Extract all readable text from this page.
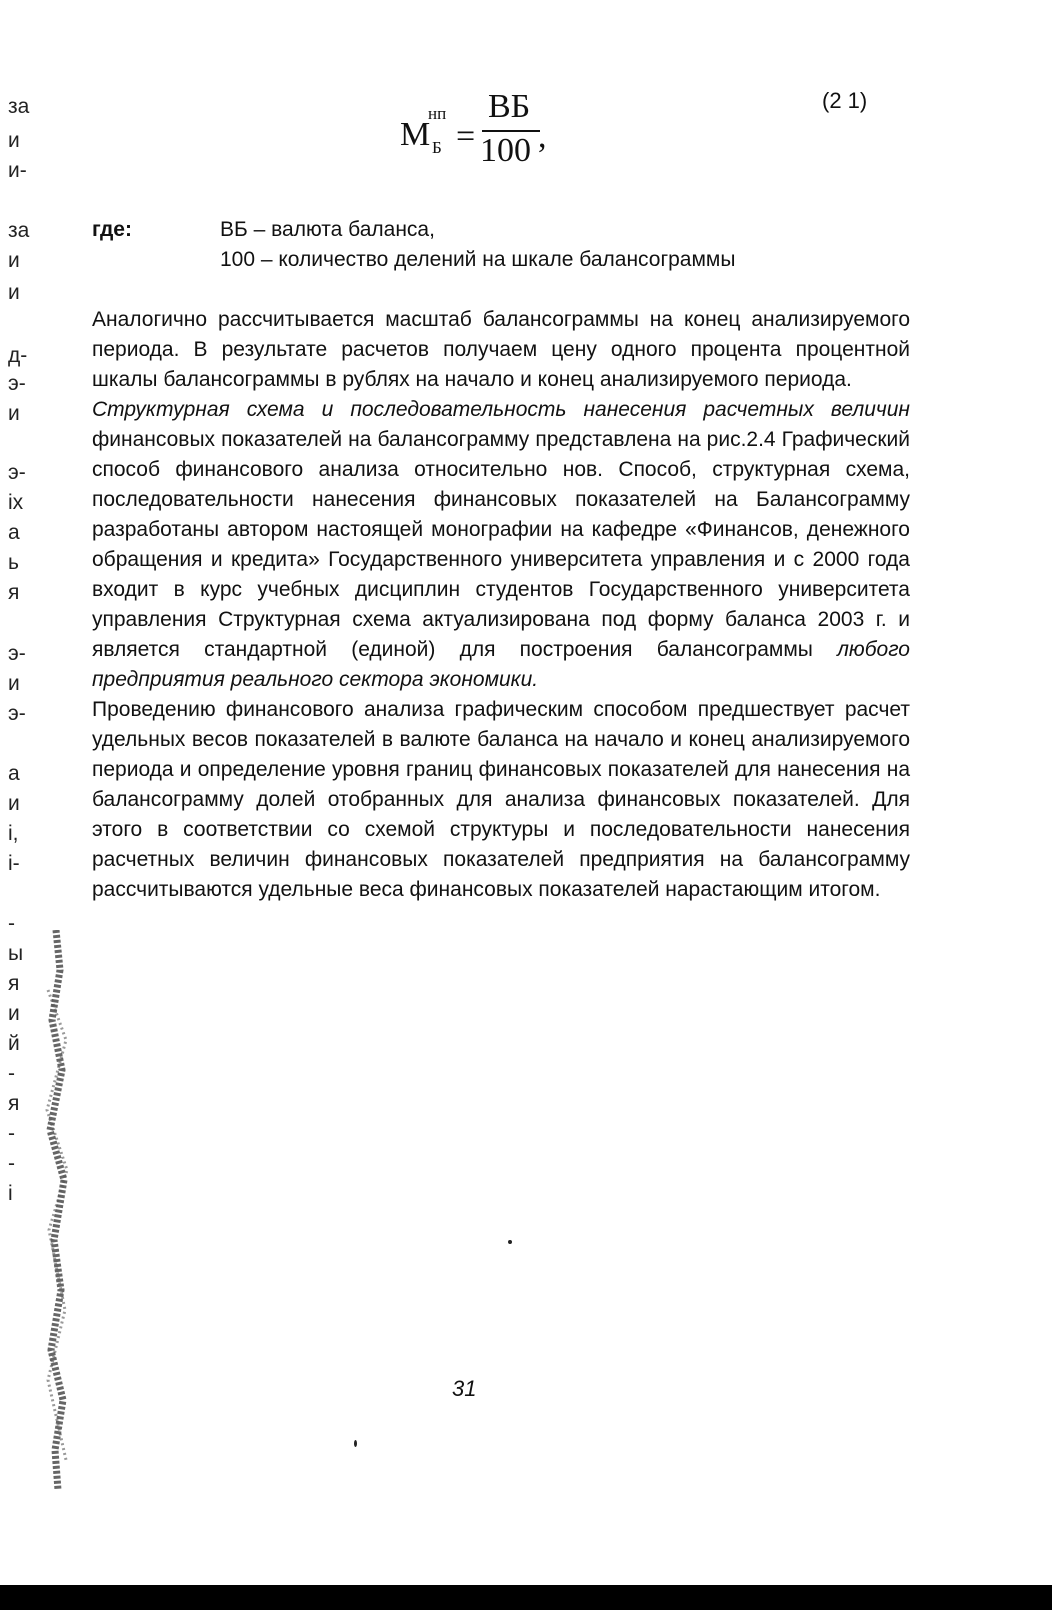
за
и
и-
за
и
и
д-
э-
и
э-
іх
а
ь
я
э-
и
э-
а
и
і,
і-
-
ы
я
и
й
-
я
-
-
і
М
нп
Б =
ВБ
100 ,
(2 1)
где:	ВБ – валюта баланса,
100 – количество делений на шкале балансограммы

Аналогично рассчитывается масштаб балансограммы на конец анализируемого периода. В результате расчетов получаем цену одного процента процентной шкалы балансограммы в рублях на начало и конец анализируемого периода.

Структурная схема и последовательность нанесения расчетных величин финансовых показателей на балансограмму представлена на рис.2.4 Графический способ финансового анализа относительно нов. Способ, структурная схема, последовательности нанесения финансовых показателей на Балансограмму разработаны автором настоящей монографии на кафедре «Финансов, денежного обращения и кредита» Государственного университета управления и с 2000 года входит в курс учебных дисциплин студентов Государственного университета управления Структурная схема актуализирована под форму баланса 2003 г. и является стандартной (единой) для построения балансограммы любого предприятия реального сектора экономики.

Проведению финансового анализа графическим способом предшествует расчет удельных весов показателей в валюте баланса на начало и конец анализируемого периода и определение уровня границ финансовых показателей для нанесения на балансограмму долей отобранных для анализа финансовых показателей. Для этого в соответствии со схемой структуры и последовательности нанесения расчетных величин финансовых показателей предприятия на балансограмму рассчитываются удельные веса финансовых показателей нарастающим итогом.

31
